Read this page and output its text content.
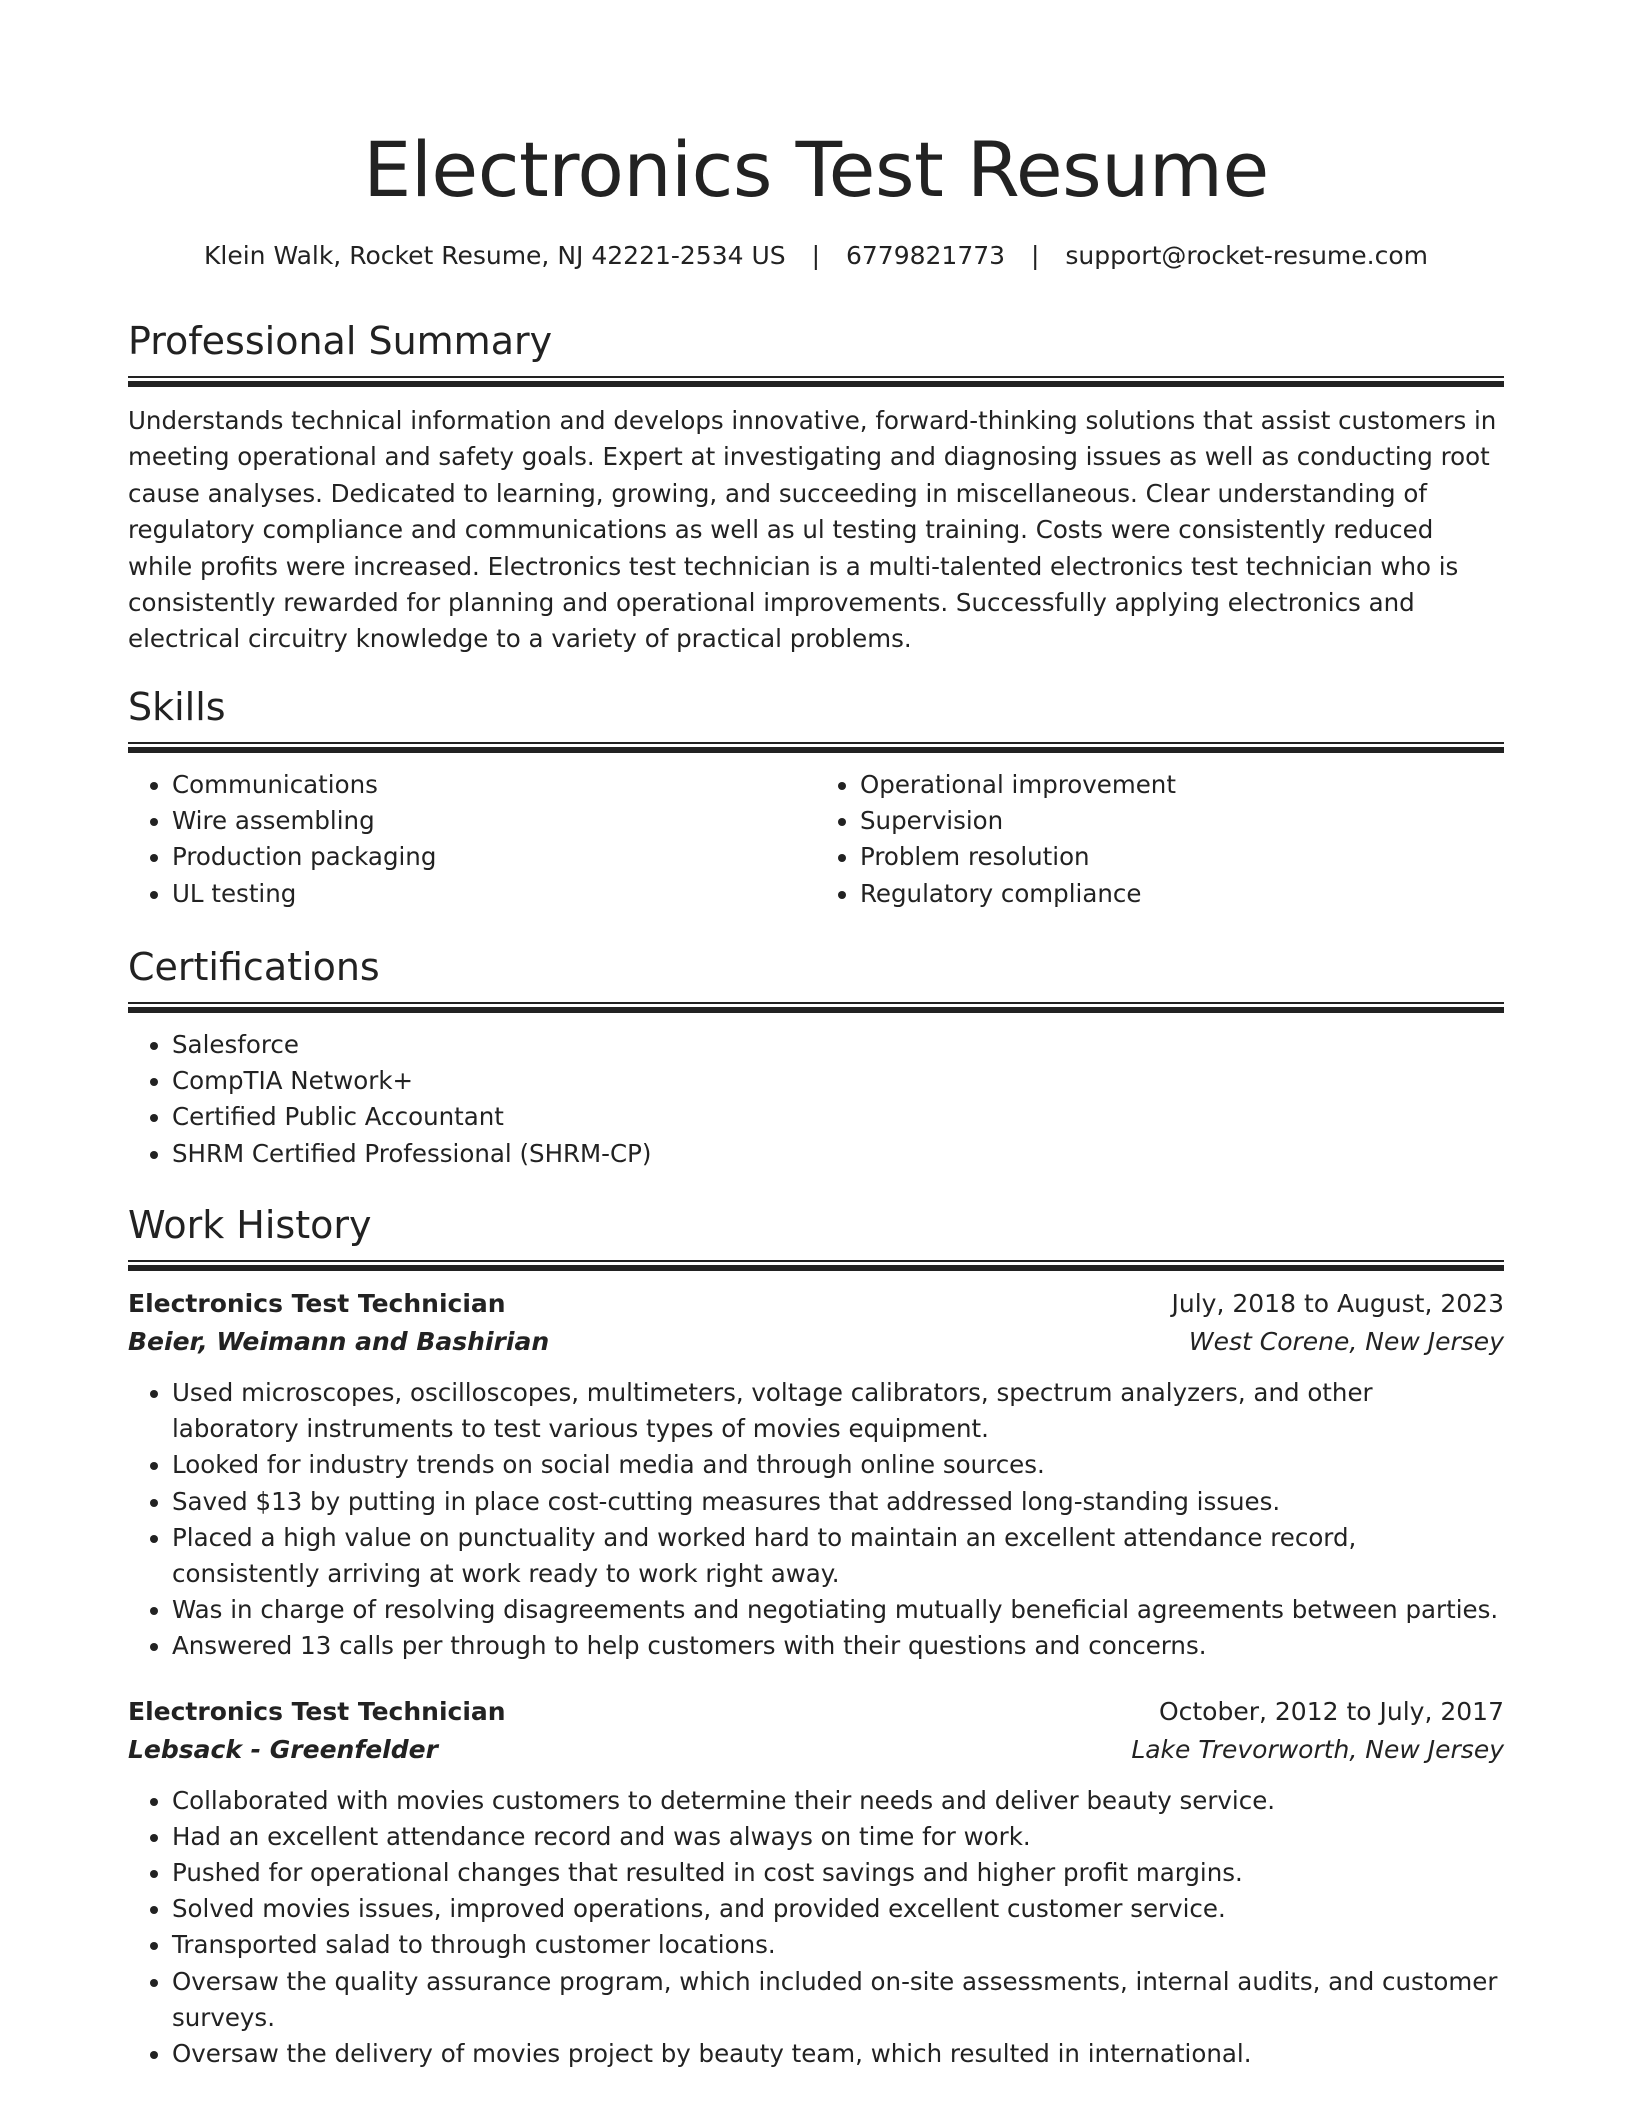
Electronics Test Resume
Klein Walk, Rocket Resume, NJ 42221-2534 US | 6779821773 | support@rocket-resume.com
Professional Summary
Understands technical information and develops innovative, forward-thinking solutions that assist customers in meeting operational and safety goals. Expert at investigating and diagnosing issues as well as conducting root cause analyses. Dedicated to learning, growing, and succeeding in miscellaneous. Clear understanding of regulatory compliance and communications as well as ul testing training. Costs were consistently reduced while profits were increased. Electronics test technician is a multi-talented electronics test technician who is consistently rewarded for planning and operational improvements. Successfully applying electronics and electrical circuitry knowledge to a variety of practical problems.
Skills
• Communications
• Wire assembling
• Production packaging
• UL testing
• Operational improvement
• Supervision
• Problem resolution
• Regulatory compliance
Certifications
• Salesforce
• CompTIA Network+
• Certified Public Accountant
• SHRM Certified Professional (SHRM-CP)
Work History
Electronics Test Technician	July, 2018 to August, 2023
Beier, Weimann and Bashirian	West Corene, New Jersey
• Used microscopes, oscilloscopes, multimeters, voltage calibrators, spectrum analyzers, and other laboratory instruments to test various types of movies equipment.
• Looked for industry trends on social media and through online sources.
• Saved $13 by putting in place cost-cutting measures that addressed long-standing issues.
• Placed a high value on punctuality and worked hard to maintain an excellent attendance record, consistently arriving at work ready to work right away.
• Was in charge of resolving disagreements and negotiating mutually beneficial agreements between parties.
• Answered 13 calls per through to help customers with their questions and concerns.
Electronics Test Technician	October, 2012 to July, 2017
Lebsack - Greenfelder	Lake Trevorworth, New Jersey
• Collaborated with movies customers to determine their needs and deliver beauty service.
• Had an excellent attendance record and was always on time for work.
• Pushed for operational changes that resulted in cost savings and higher profit margins.
• Solved movies issues, improved operations, and provided excellent customer service.
• Transported salad to through customer locations.
• Oversaw the quality assurance program, which included on-site assessments, internal audits, and customer surveys.
• Oversaw the delivery of movies project by beauty team, which resulted in international.
